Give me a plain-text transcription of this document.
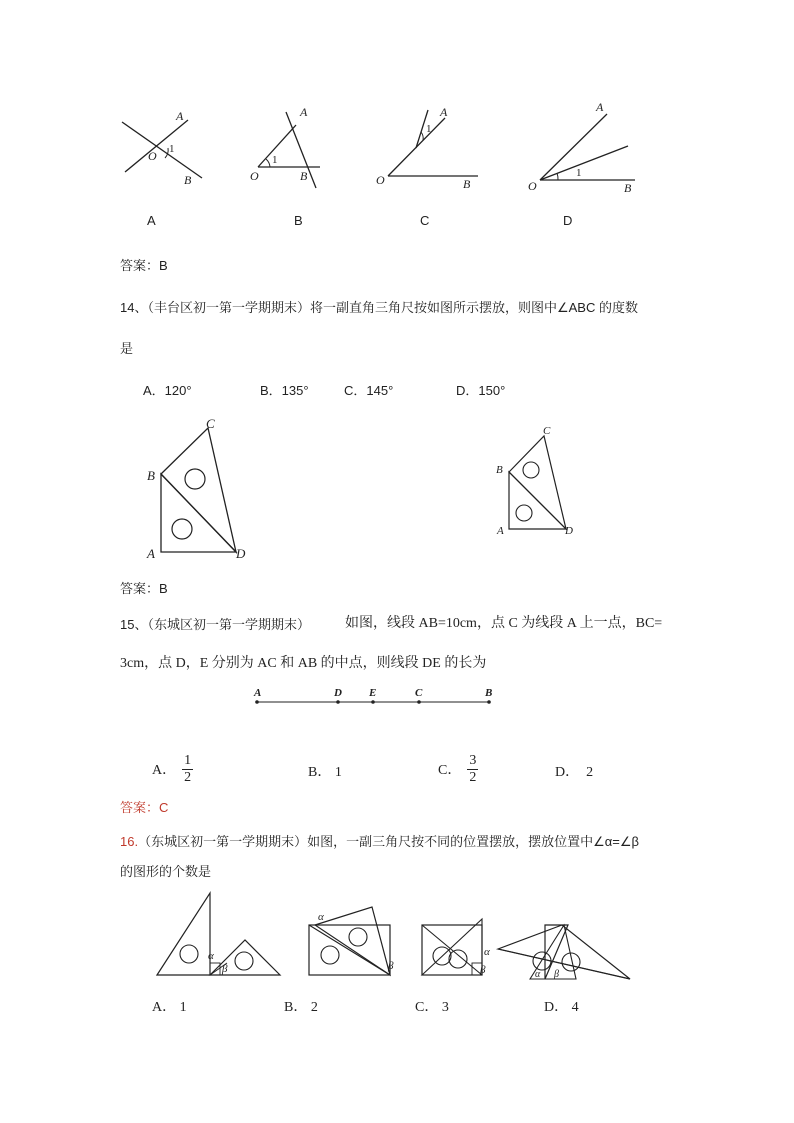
A
O 1
B
A
1
O	B
A
1
O	B
A
1
O	B
A	B	C	D
答案：B
14、（丰台区初一第一学期期末）将一副直角三角尺按如图所示摆放，则图中∠ABC 的度数
是
A．120°	B．135°	C．145°	D．150°
C
B
A	D
C
B
A	D
答案：B
15、（东城区初一第一学期期末）	如图，线段 AB=10cm，点 C 为线段 A 上一点，BC=
3cm，点 D，E 分别为 AC 和 AB 的中点，则线段 DE 的长为
A	D E	C	B
A． $\frac{1}{2}$	B． 1	C． $\frac{3}{2}$	D．  2
答案：C
16.（东城区初一第一学期期末）如图，一副三角尺按不同的位置摆放，摆放位置中∠α=∠β
的图形的个数是
α
β
α
β
α
β	α β
A． 1	B． 2	C． 3	D． 4
